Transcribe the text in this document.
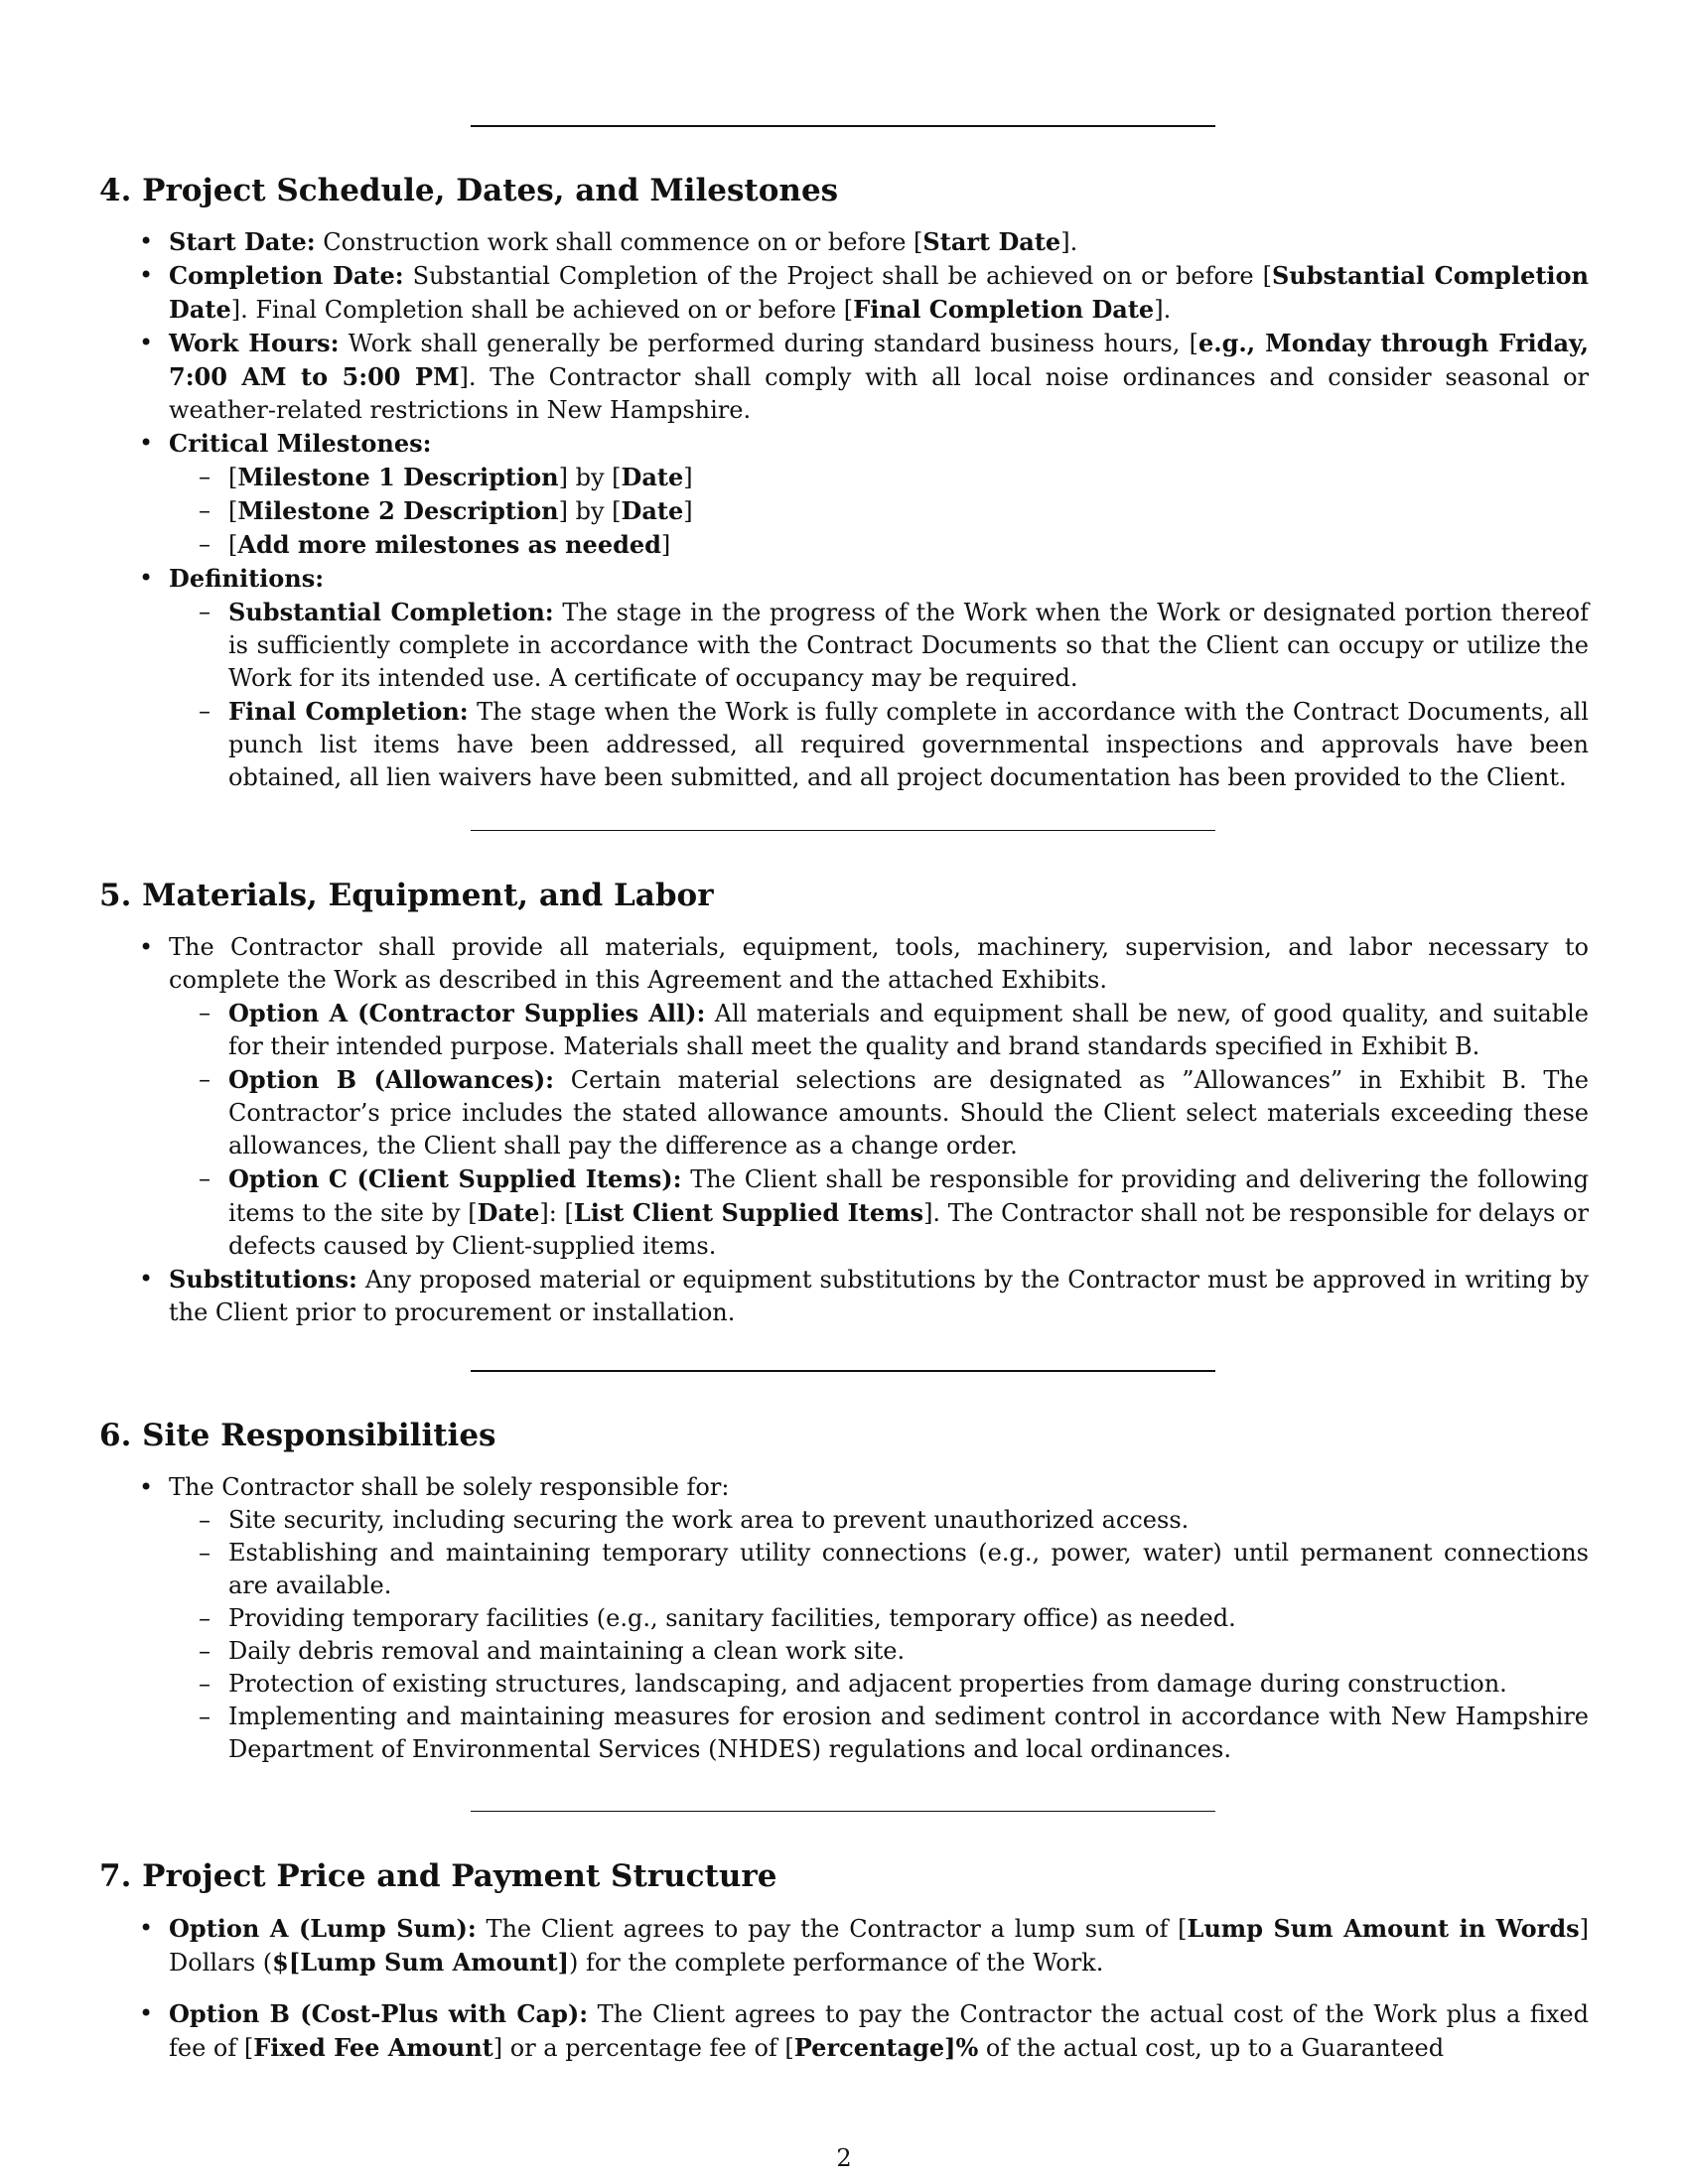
4. Project Schedule, Dates, and Milestones
• Start Date: Construction work shall commence on or before [Start Date].
• Completion Date: Substantial Completion of the Project shall be achieved on or before [Substantial Completion Date]. Final Completion shall be achieved on or before [Final Completion Date].
• Work Hours: Work shall generally be performed during standard business hours, [e.g., Monday through Friday, 7:00 AM to 5:00 PM]. The Contractor shall comply with all local noise ordinances and consider seasonal or weather-related restrictions in New Hampshire.
• Critical Milestones:
– [Milestone 1 Description] by [Date]
– [Milestone 2 Description] by [Date]
– [Add more milestones as needed]
• Definitions:
– Substantial Completion: The stage in the progress of the Work when the Work or designated portion thereof is sufficiently complete in accordance with the Contract Documents so that the Client can occupy or utilize the Work for its intended use. A certificate of occupancy may be required.
– Final Completion: The stage when the Work is fully complete in accordance with the Contract Documents, all punch list items have been addressed, all required governmental inspections and approvals have been obtained, all lien waivers have been submitted, and all project documentation has been provided to the Client.
5. Materials, Equipment, and Labor
• The Contractor shall provide all materials, equipment, tools, machinery, supervision, and labor necessary to complete the Work as described in this Agreement and the attached Exhibits.
– Option A (Contractor Supplies All): All materials and equipment shall be new, of good quality, and suitable for their intended purpose. Materials shall meet the quality and brand standards specified in Exhibit B.
– Option B (Allowances): Certain material selections are designated as ”Allowances” in Exhibit B. The Contractor’s price includes the stated allowance amounts. Should the Client select materials exceeding these allowances, the Client shall pay the difference as a change order.
– Option C (Client Supplied Items): The Client shall be responsible for providing and delivering the following items to the site by [Date]: [List Client Supplied Items]. The Contractor shall not be responsible for delays or defects caused by Client-supplied items.
• Substitutions: Any proposed material or equipment substitutions by the Contractor must be approved in writing by the Client prior to procurement or installation.
6. Site Responsibilities
• The Contractor shall be solely responsible for:
– Site security, including securing the work area to prevent unauthorized access.
– Establishing and maintaining temporary utility connections (e.g., power, water) until permanent connections are available.
– Providing temporary facilities (e.g., sanitary facilities, temporary office) as needed.
– Daily debris removal and maintaining a clean work site.
– Protection of existing structures, landscaping, and adjacent properties from damage during construction.
– Implementing and maintaining measures for erosion and sediment control in accordance with New Hampshire Department of Environmental Services (NHDES) regulations and local ordinances.
7. Project Price and Payment Structure
• Option A (Lump Sum): The Client agrees to pay the Contractor a lump sum of [Lump Sum Amount in Words] Dollars ($[Lump Sum Amount]) for the complete performance of the Work.
• Option B (Cost-Plus with Cap): The Client agrees to pay the Contractor the actual cost of the Work plus a fixed fee of [Fixed Fee Amount] or a percentage fee of [Percentage]% of the actual cost, up to a Guaranteed
2
